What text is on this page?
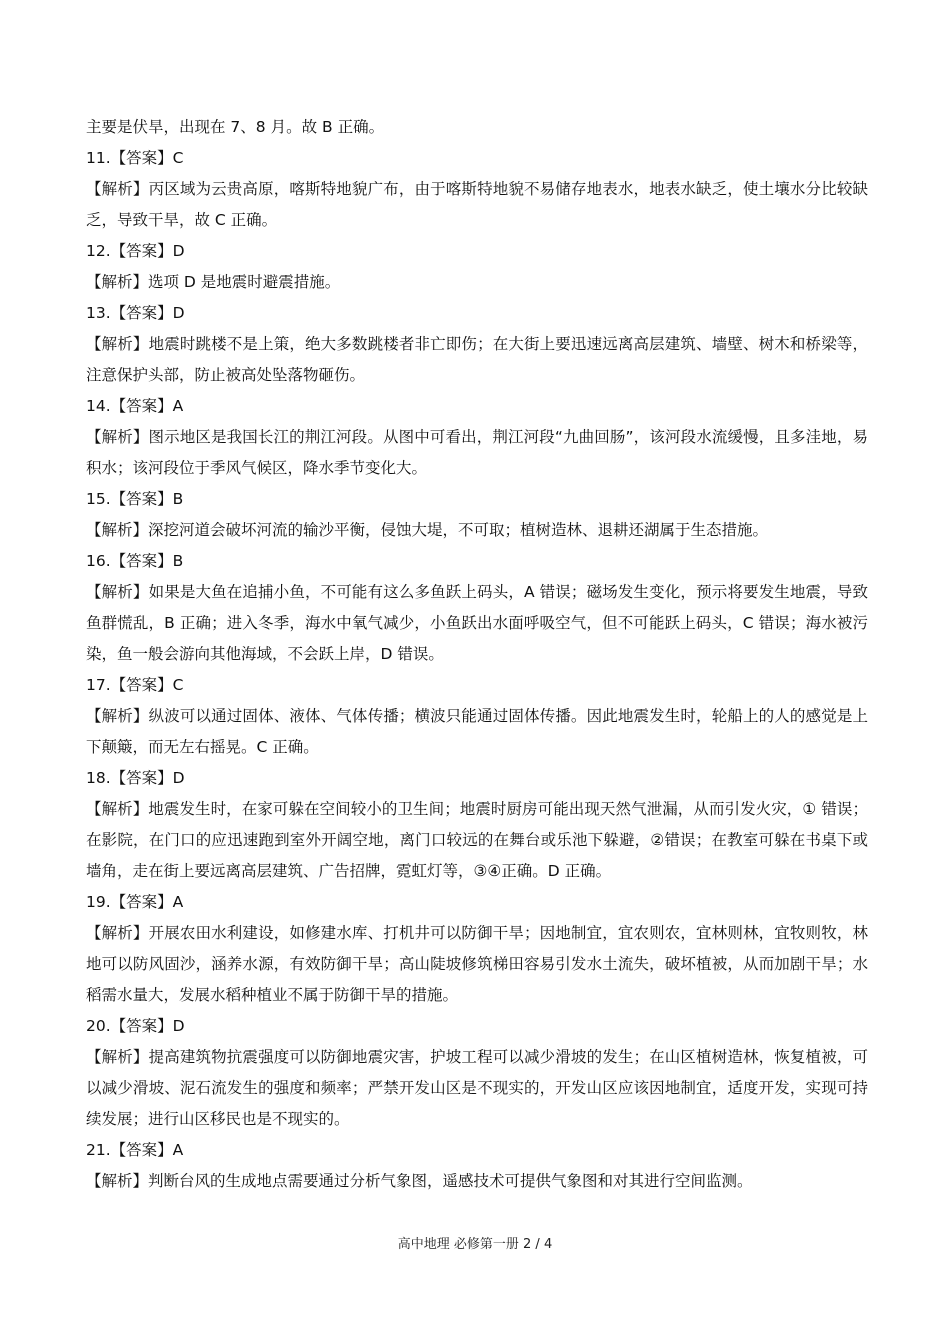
主要是伏旱，出现在 7、8 月。故 B 正确。
11.【答案】C
【解析】丙区域为云贵高原，喀斯特地貌广布，由于喀斯特地貌不易储存地表水，地表水缺乏，使土壤水分比较缺乏，导致干旱，故 C 正确。
12.【答案】D
【解析】选项 D 是地震时避震措施。
13.【答案】D
【解析】地震时跳楼不是上策，绝大多数跳楼者非亡即伤；在大街上要迅速远离高层建筑、墙壁、树木和桥梁等，注意保护头部，防止被高处坠落物砸伤。
14.【答案】A
【解析】图示地区是我国长江的荆江河段。从图中可看出，荆江河段“九曲回肠”，该河段水流缓慢，且多洼地，易积水；该河段位于季风气候区，降水季节变化大。
15.【答案】B
【解析】深挖河道会破坏河流的输沙平衡，侵蚀大堤，不可取；植树造林、退耕还湖属于生态措施。
16.【答案】B
【解析】如果是大鱼在追捕小鱼，不可能有这么多鱼跃上码头，A 错误；磁场发生变化，预示将要发生地震，导致鱼群慌乱，B 正确；进入冬季，海水中氧气减少，小鱼跃出水面呼吸空气，但不可能跃上码头，C 错误；海水被污染，鱼一般会游向其他海域，不会跃上岸，D 错误。
17.【答案】C
【解析】纵波可以通过固体、液体、气体传播；横波只能通过固体传播。因此地震发生时，轮船上的人的感觉是上下颠簸，而无左右摇晃。C 正确。
18.【答案】D
【解析】地震发生时，在家可躲在空间较小的卫生间；地震时厨房可能出现天然气泄漏，从而引发火灾，① 错误；在影院，在门口的应迅速跑到室外开阔空地，离门口较远的在舞台或乐池下躲避，②错误；在教室可躲在书桌下或墙角，走在街上要远离高层建筑、广告招牌，霓虹灯等，③④正确。D 正确。
19.【答案】A
【解析】开展农田水利建设，如修建水库、打机井可以防御干旱；因地制宜，宜农则农，宜林则林，宜牧则牧，林地可以防风固沙，涵养水源，有效防御干旱；高山陡坡修筑梯田容易引发水土流失，破坏植被，从而加剧干旱；水稻需水量大，发展水稻种植业不属于防御干旱的措施。
20.【答案】D
【解析】提高建筑物抗震强度可以防御地震灾害，护坡工程可以减少滑坡的发生；在山区植树造林，恢复植被，可以减少滑坡、泥石流发生的强度和频率；严禁开发山区是不现实的，开发山区应该因地制宜，适度开发，实现可持续发展；进行山区移民也是不现实的。
21.【答案】A
【解析】判断台风的生成地点需要通过分析气象图，遥感技术可提供气象图和对其进行空间监测。
高中地理 必修第一册 2 / 4
